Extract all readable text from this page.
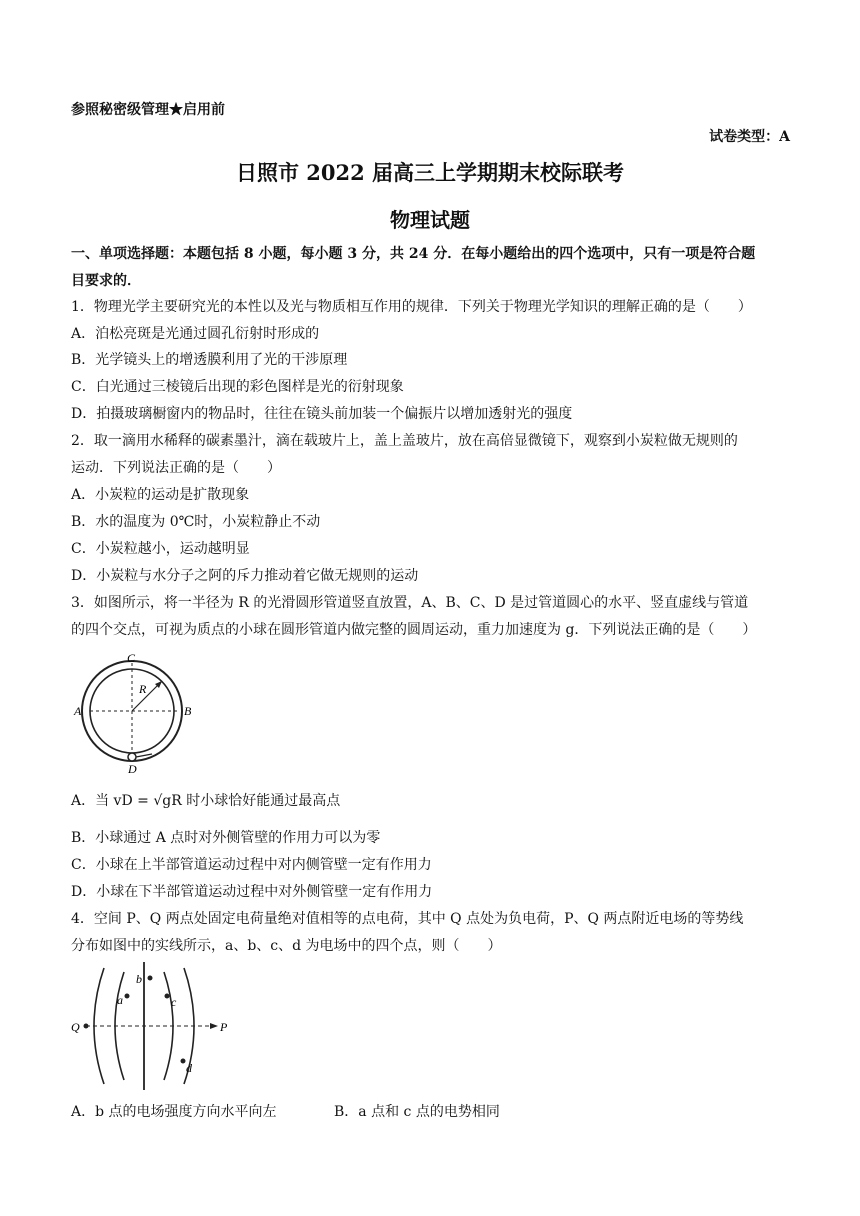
参照秘密级管理★启用前
试卷类型：A
日照市 2022 届高三上学期期末校际联考
物理试题
一、单项选择题：本题包括 8 小题，每小题 3 分，共 24 分．在每小题给出的四个选项中，只有一项是符合题
目要求的．
1．物理光学主要研究光的本性以及光与物质相互作用的规律．下列关于物理光学知识的理解正确的是（　　）
A．泊松亮斑是光通过圆孔衍射时形成的
B．光学镜头上的增透膜利用了光的干涉原理
C．白光通过三棱镜后出现的彩色图样是光的衍射现象
D．拍摄玻璃橱窗内的物品时，往往在镜头前加装一个偏振片以增加透射光的强度
2．取一滴用水稀释的碳素墨汁，滴在载玻片上，盖上盖玻片，放在高倍显微镜下，观察到小炭粒做无规则的
运动．下列说法正确的是（　　）
A．小炭粒的运动是扩散现象
B．水的温度为 0℃时，小炭粒静止不动
C．小炭粒越小，运动越明显
D．小炭粒与水分子之阿的斥力推动着它做无规则的运动
3．如图所示，将一半径为 R 的光滑圆形管道竖直放置，A、B、C、D 是过管道圆心的水平、竖直虚线与管道
的四个交点，可视为质点的小球在圆形管道内做完整的圆周运动，重力加速度为 g．下列说法正确的是（　　）
C
A	B
D
R
A．当 vD = √gR 时小球恰好能通过最高点
B．小球通过 A 点时对外侧管壁的作用力可以为零
C．小球在上半部管道运动过程中对内侧管壁一定有作用力
D．小球在下半部管道运动过程中对外侧管壁一定有作用力
4．空间 P、Q 两点处固定电荷量绝对值相等的点电荷，其中 Q 点处为负电荷，P、Q 两点附近电场的等势线
分布如图中的实线所示，a、b、c、d 为电场中的四个点，则（　　）
Q	P
a
b
c
d
A．b 点的电场强度方向水平向左	B．a 点和 c 点的电势相同
